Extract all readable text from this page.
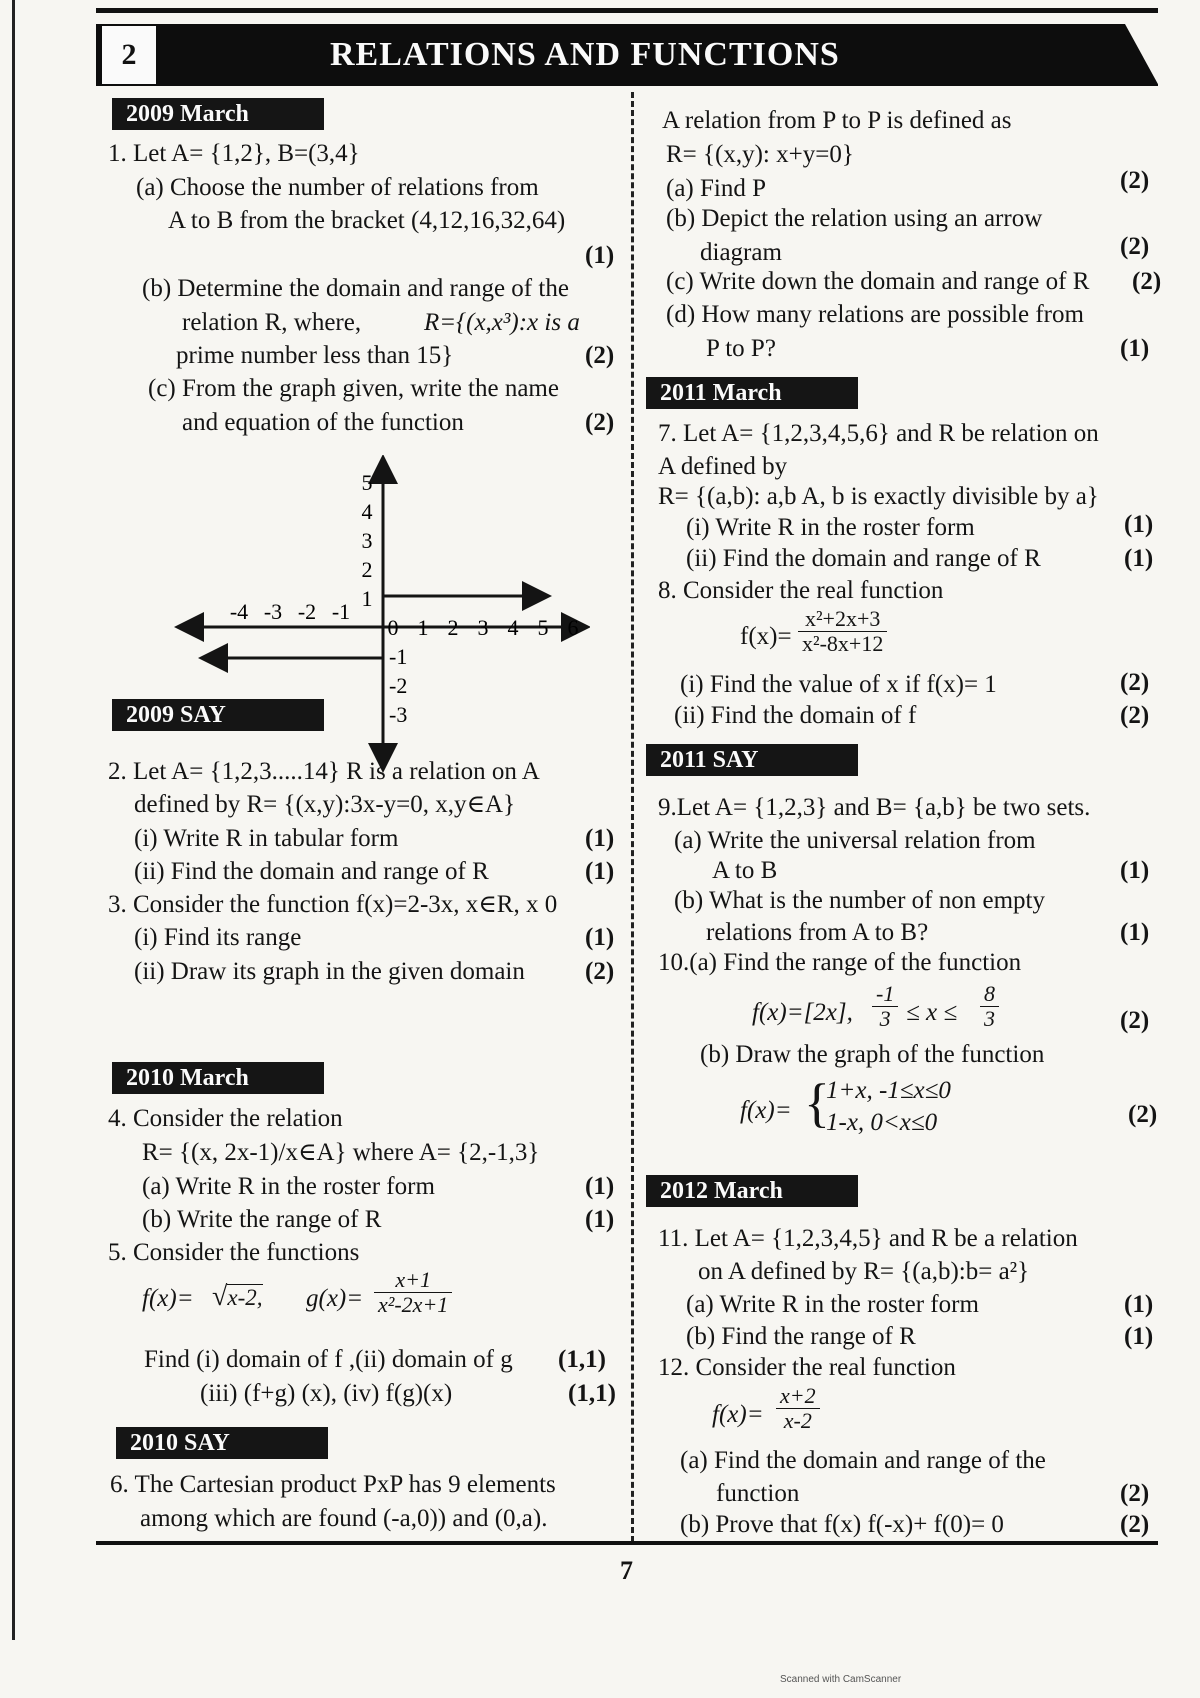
2	RELATIONS AND FUNCTIONS
2009 March
1. Let A= {1,2}, B=(3,4}
(a) Choose the number of relations from
A to B from the bracket (4,12,16,32,64)
(1)
(b) Determine the domain and range of the
relation R, where,	R={(x,x³):x is a
prime number less than 15}	(2)
(c) From the graph given, write the name
and equation of the function	(2)
5
4
3
2
1
-1
-2
-3
-4 -3 -2 -1
0 1 2 3 4 5 6
2009 SAY
2. Let A= {1,2,3.....14} R is a relation on A
defined by R= {(x,y):3x-y=0, x,y∈A}
(i) Write R in tabular form	(1)
(ii) Find the domain and range of R	(1)
3. Consider the function f(x)=2-3x, x∈R, x 0
(i) Find its range	(1)
(ii) Draw its graph in the given domain (2)
2010 March
4. Consider the relation
R= {(x, 2x-1)/x∈A} where A= {2,-1,3}
(a) Write R in the roster form	(1)
(b) Write the range of R	(1)
5. Consider the functions
f(x)= √x-2, $g(x)= \frac{x+1}{\text{x²-2x+1}}$
Find (i) domain of f ,(ii) domain of g (1,1)
(iii) (f+g) (x), (iv) f(g)(x)	(1,1)
2010 SAY
6. The Cartesian product PxP has 9 elements
among which are found (-a,0)) and (0,a).
A relation from P to P is defined as
R= {(x,y): x+y=0}
(a) Find P	(2)
(b) Depict the relation using an arrow
diagram	(2)
(c) Write down the domain and range of R (2)
(d) How many relations are possible from
P to P?	(1)
2011 March
7. Let A= {1,2,3,4,5,6} and R be relation on
A defined by
R= {(a,b): a,b A, b is exactly divisible by a}
(i) Write R in the roster form	(1)
(ii) Find the domain and range of R	(1)
8. Consider the real function
$f(x)= \frac{\text{x²+2x+3}}{\text{x²-8x+12}}$
(i) Find the value of x if f(x)= 1	(2)
(ii) Find the domain of f	(2)
2011 SAY
9.Let A= {1,2,3} and B= {a,b} be two sets.
(a) Write the universal relation from
A to B	(1)
(b) What is the number of non empty
relations from A to B?	(1)
10.(a) Find the range of the function
f(x)=[2x], $\frac{-1}{3} \le x \le \frac{8}{3}$	(2)
(b) Draw the graph of the function
f(x)= {
1+x, -1≤x≤0
1-x, 0<x≤0	(2)
2012 March
11. Let A= {1,2,3,4,5} and R be a relation
on A defined by R= {(a,b):b= a²}
(a) Write R in the roster form	(1)
(b) Find the range of R	(1)
12. Consider the real function
$f(x)= \frac{x+2}{x-2}$
(a) Find the domain and range of the
function	(2)
(b) Prove that f(x) f(-x)+ f(0)= 0	(2)
7
Scanned with CamScanner
